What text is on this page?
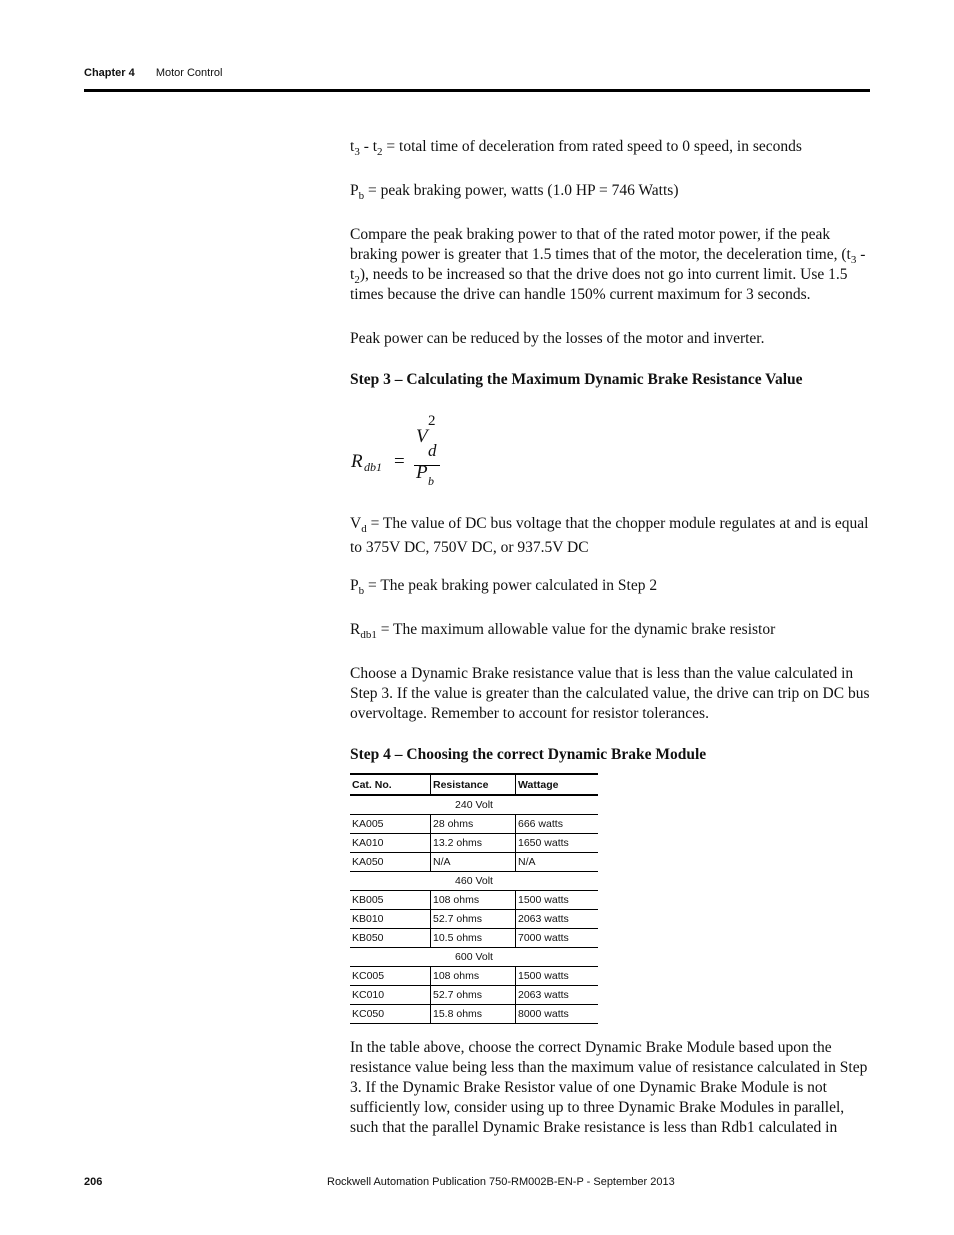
Chapter 4 Motor Control

$t_3 - t_2$ = total time of deceleration from rated speed to 0 speed, in seconds

$P_b$ = peak braking power, watts (1.0 HP = 746 Watts)

Compare the peak braking power to that of the rated motor power, if the peak braking power is greater that 1.5 times that of the motor, the deceleration time, $(t_3 - t_2)$, needs to be increased so that the drive does not go into current limit. Use 1.5 times because the drive can handle 150% current maximum for 3 seconds.

Peak power can be reduced by the losses of the motor and inverter.

Step 3 – Calculating the Maximum Dynamic Brake Resistance Value

R db1 =
V
2
d
P b

$V_d$ = The value of DC bus voltage that the chopper module regulates at and is equal to 375V DC, 750V DC, or 937.5V DC

$P_b$ = The peak braking power calculated in Step 2

$R_{db1}$ = The maximum allowable value for the dynamic brake resistor

Choose a Dynamic Brake resistance value that is less than the value calculated in Step 3. If the value is greater than the calculated value, the drive can trip on DC bus overvoltage. Remember to account for resistor tolerances.

Step 4 – Choosing the correct Dynamic Brake Module

Cat. No.	Resistance	Wattage
240 Volt		
KA005	28 ohms	666 watts
KA010	13.2 ohms	1650 watts
KA050	N/A	N/A
460 Volt		
KB005	108 ohms	1500 watts
KB010	52.7 ohms	2063 watts
KB050	10.5 ohms	7000 watts
600 Volt		
KC005	108 ohms	1500 watts
KC010	52.7 ohms	2063 watts
KC050	15.8 ohms	8000 watts

In the table above, choose the correct Dynamic Brake Module based upon the resistance value being less than the maximum value of resistance calculated in Step 3. If the Dynamic Brake Resistor value of one Dynamic Brake Module is not sufficiently low, consider using up to three Dynamic Brake Modules in parallel, such that the parallel Dynamic Brake resistance is less than Rdb1 calculated in

206	Rockwell Automation Publication 750-RM002B-EN-P - September 2013
